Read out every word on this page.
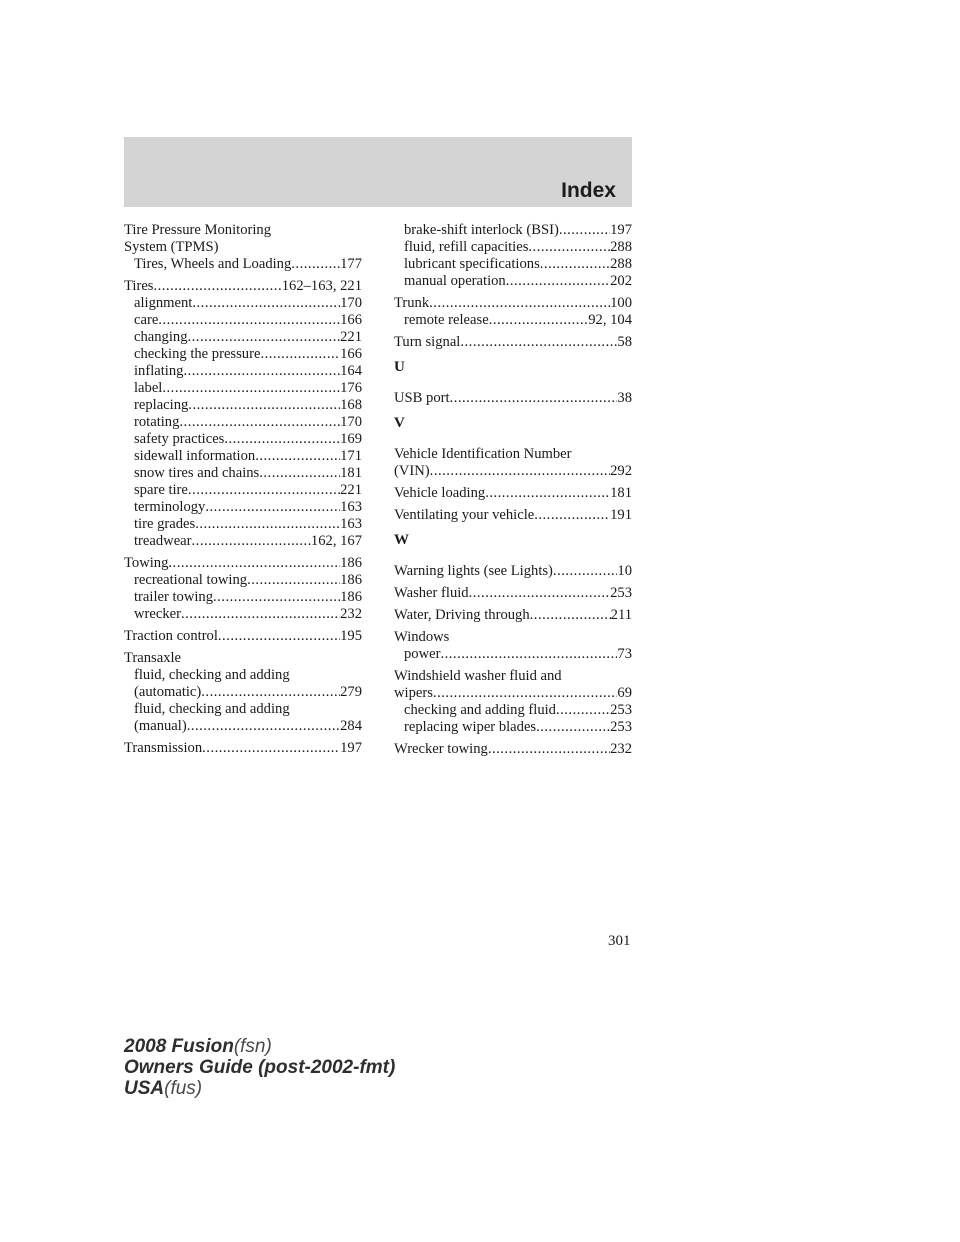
Index
Tire Pressure Monitoring
System (TPMS)
Tires, Wheels and Loading .....	177
Tires .....	162–163, 221
alignment .....	170
care .....	166
changing .....	221
checking the pressure .....	166
inflating .....	164
label .....	176
replacing .....	168
rotating .....	170
safety practices .....	169
sidewall information .....	171
snow tires and chains .....	181
spare tire .....	221
terminology .....	163
tire grades .....	163
treadwear .....	162, 167
Towing .....	186
recreational towing .....	186
trailer towing .....	186
wrecker .....	232
Traction control .....	195
Transaxle
fluid, checking and adding
(automatic) .....	279
fluid, checking and adding
(manual) .....	284
Transmission .....	197
brake-shift interlock (BSI) .....	197
fluid, refill capacities .....	288
lubricant specifications .....	288
manual operation .....	202
Trunk .....	100
remote release .....	92, 104
Turn signal .....	58
U
USB port .....	38
V
Vehicle Identification Number
(VIN) .....	292
Vehicle loading .....	181
Ventilating your vehicle .....	191
W
Warning lights (see Lights) .....	10
Washer fluid .....	253
Water, Driving through .....	211
Windows
power .....	73
Windshield washer fluid and
wipers .....	69
checking and adding fluid .....	253
replacing wiper blades .....	253
Wrecker towing .....	232
301
2008 Fusion(fsn)
Owners Guide (post-2002-fmt)
USA(fus)
